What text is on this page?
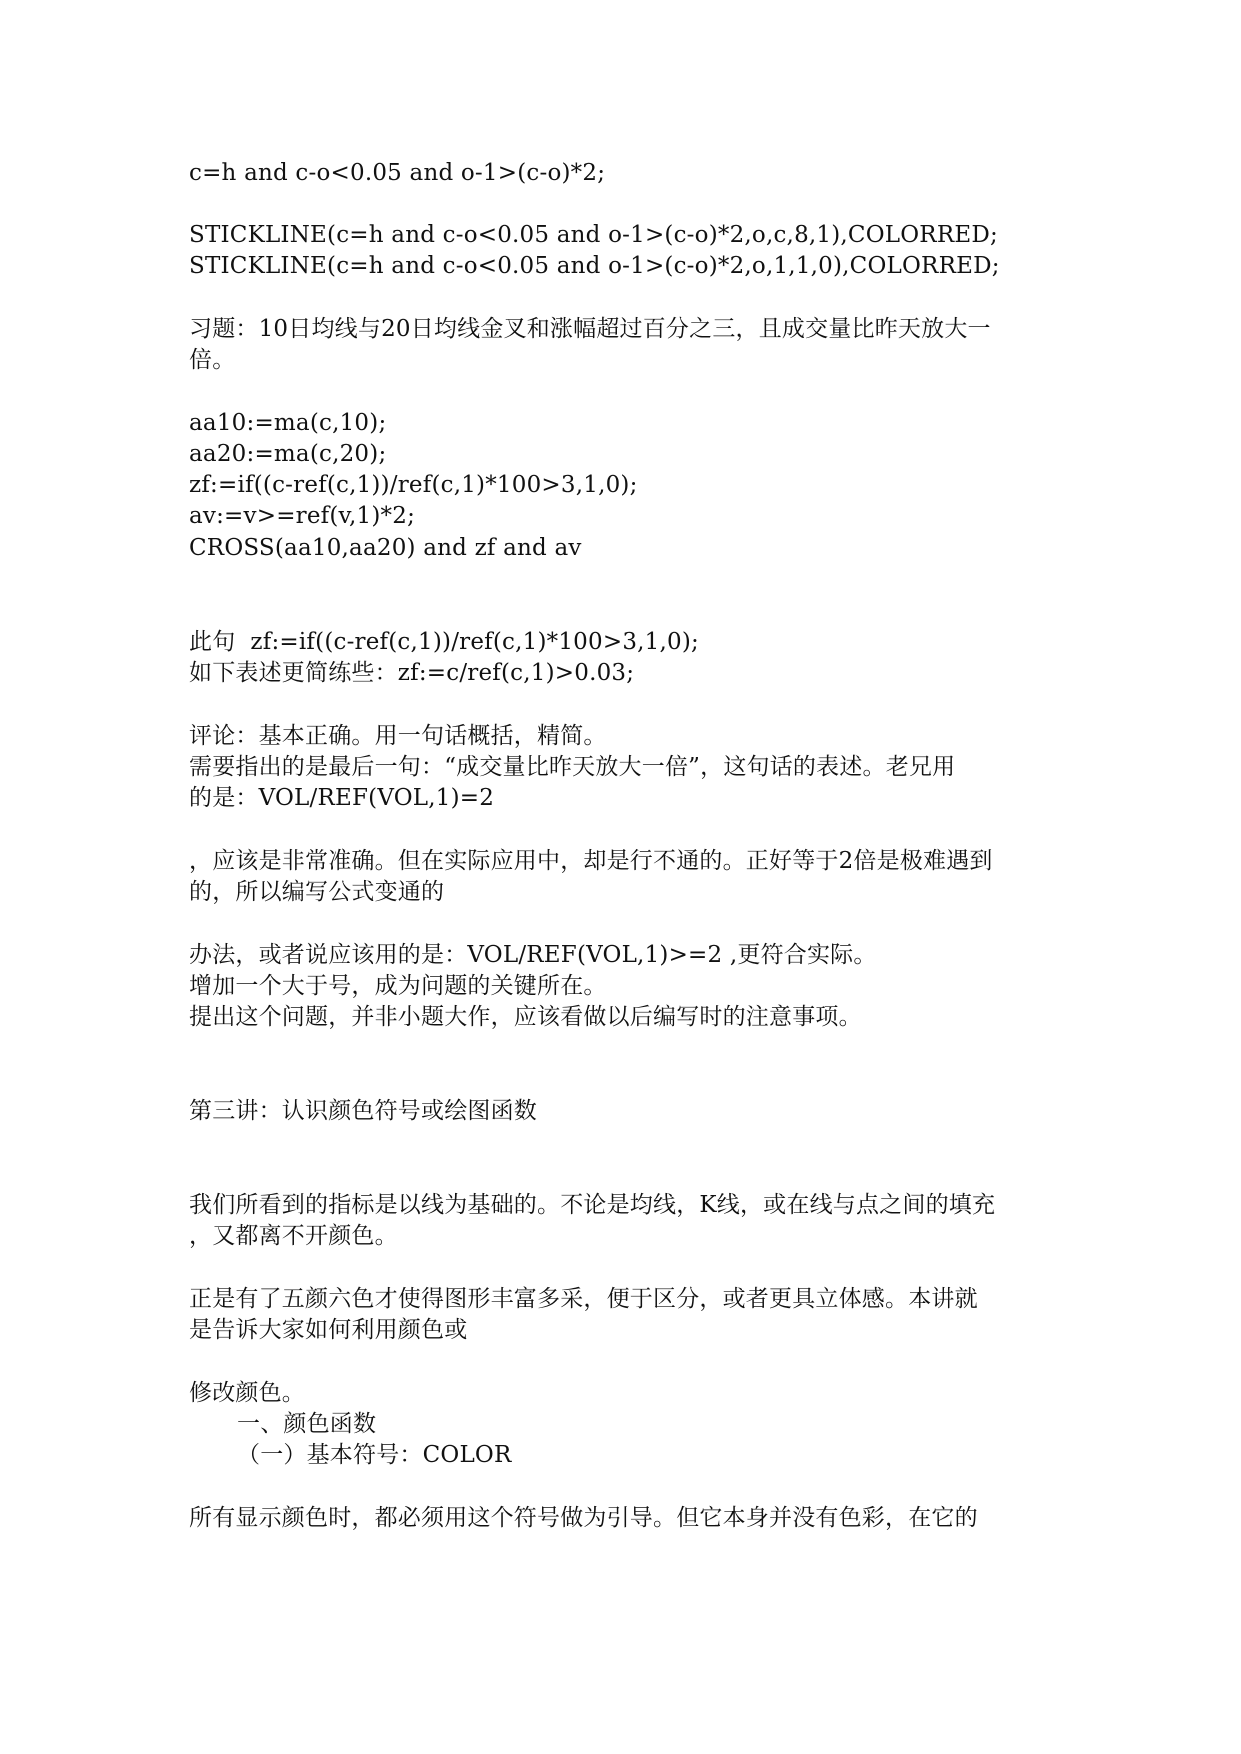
c=h and c-o<0.05 and o-1>(c-o)*2;
STICKLINE(c=h and c-o<0.05 and o-1>(c-o)*2,o,c,8,1),COLORRED;
STICKLINE(c=h and c-o<0.05 and o-1>(c-o)*2,o,1,1,0),COLORRED;
习题：10日均线与20日均线金叉和涨幅超过百分之三，且成交量比昨天放大一
倍。
aa10:=ma(c,10);
aa20:=ma(c,20);
zf:=if((c-ref(c,1))/ref(c,1)*100>3,1,0);
av:=v>=ref(v,1)*2;
CROSS(aa10,aa20) and zf and av
此句  zf:=if((c-ref(c,1))/ref(c,1)*100>3,1,0);
如下表述更简练些：zf:=c/ref(c,1)>0.03;
评论：基本正确。用一句话概括，精简。
需要指出的是最后一句：“成交量比昨天放大一倍”，这句话的表述。老兄用
的是：VOL/REF(VOL,1)=2
，应该是非常准确。但在实际应用中，却是行不通的。正好等于2倍是极难遇到
的，所以编写公式变通的
办法，或者说应该用的是：VOL/REF(VOL,1)>=2 ,更符合实际。
增加一个大于号，成为问题的关键所在。
提出这个问题，并非小题大作，应该看做以后编写时的注意事项。
第三讲：认识颜色符号或绘图函数
我们所看到的指标是以线为基础的。不论是均线，K线，或在线与点之间的填充
，又都离不开颜色。
正是有了五颜六色才使得图形丰富多采，便于区分，或者更具立体感。本讲就
是告诉大家如何利用颜色或
修改颜色。
一、颜色函数
（一）基本符号：COLOR
所有显示颜色时，都必须用这个符号做为引导。但它本身并没有色彩，在它的
